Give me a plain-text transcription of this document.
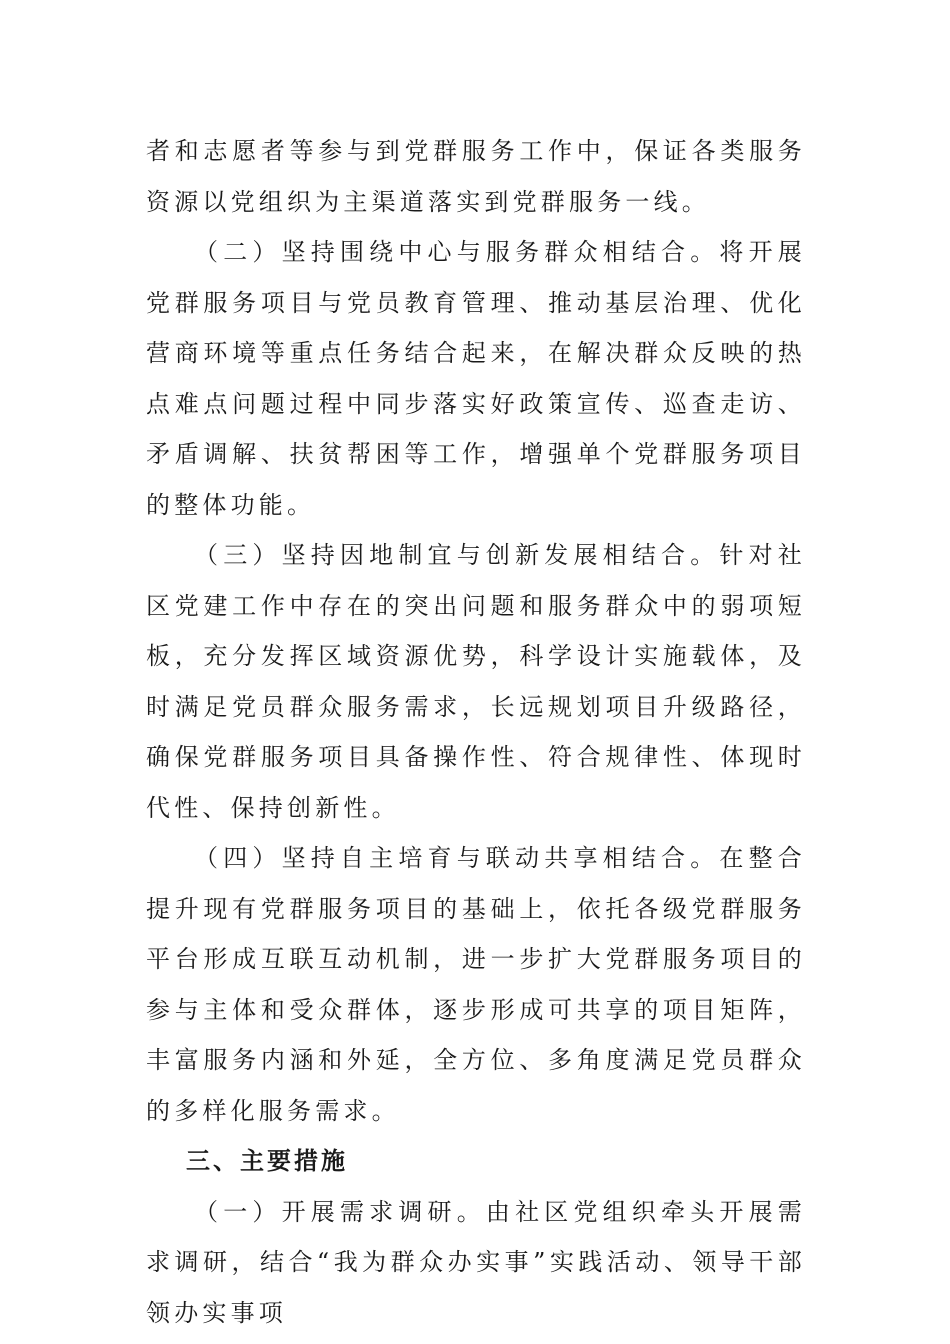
者和志愿者等参与到党群服务工作中，保证各类服务资源以党组织为主渠道落实到党群服务一线。

（二）坚持围绕中心与服务群众相结合。将开展党群服务项目与党员教育管理、推动基层治理、优化营商环境等重点任务结合起来，在解决群众反映的热点难点问题过程中同步落实好政策宣传、巡查走访、矛盾调解、扶贫帮困等工作，增强单个党群服务项目的整体功能。

（三）坚持因地制宜与创新发展相结合。针对社区党建工作中存在的突出问题和服务群众中的弱项短板，充分发挥区域资源优势，科学设计实施载体，及时满足党员群众服务需求，长远规划项目升级路径，确保党群服务项目具备操作性、符合规律性、体现时代性、保持创新性。

（四）坚持自主培育与联动共享相结合。在整合提升现有党群服务项目的基础上，依托各级党群服务平台形成互联互动机制，进一步扩大党群服务项目的参与主体和受众群体，逐步形成可共享的项目矩阵，丰富服务内涵和外延，全方位、多角度满足党员群众的多样化服务需求。

三、主要措施

（一）开展需求调研。由社区党组织牵头开展需求调研，结合“我为群众办实事”实践活动、领导干部领办实事项
